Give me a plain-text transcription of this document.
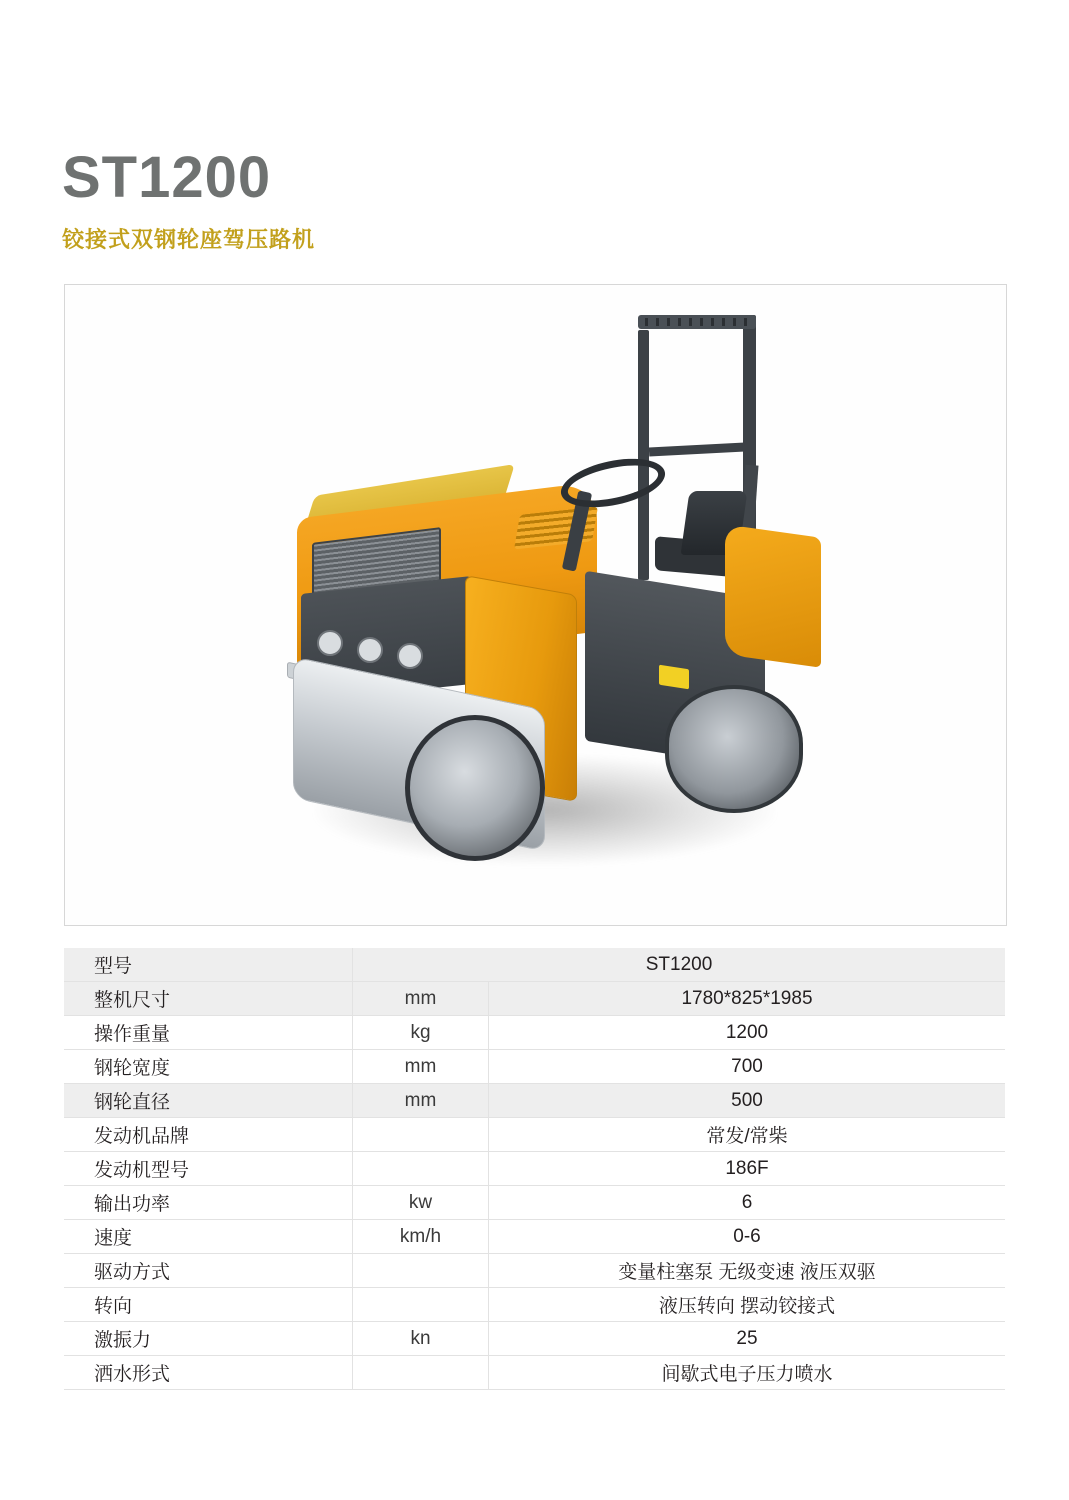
ST1200

铰接式双钢轮座驾压路机

型号	ST1200	
整机尺寸	mm	1780*825*1985
操作重量	kg	1200
钢轮宽度	mm	700
钢轮直径	mm	500
发动机品牌		常发/常柴
发动机型号		186F
输出功率	kw	6
速度	km/h	0-6
驱动方式		变量柱塞泵 无级变速 液压双驱
转向		液压转向 摆动铰接式
激振力	kn	25
洒水形式		间歇式电子压力喷水
